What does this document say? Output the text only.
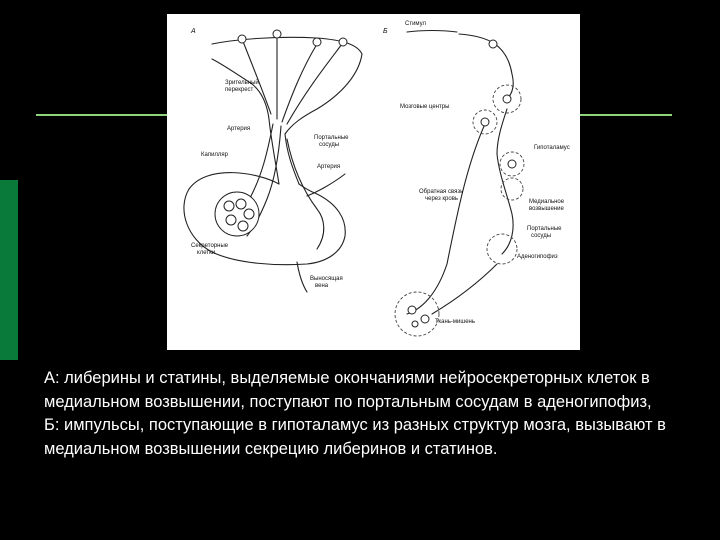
А
Зрительный
перекрест
Артерия
Портальные
сосуды
Капилляр
Артерия
Секреторные
клетки
Выносящая
вена
Б
Стимул
Мозговые центры
Гипоталамус
Медиальное
возвышение
Обратная связь
через кровь
Портальные
сосуды
Аденогипофиз
Ткань-мишень

А: либерины и статины, выделяемые окончаниями нейросекреторных клеток в медиальном возвышении, поступают по портальным сосудам в аденогипофиз,

Б: импульсы, поступающие в гипоталамус из разных структур мозга, вызывают в медиальном возвышении секрецию либеринов и статинов.
